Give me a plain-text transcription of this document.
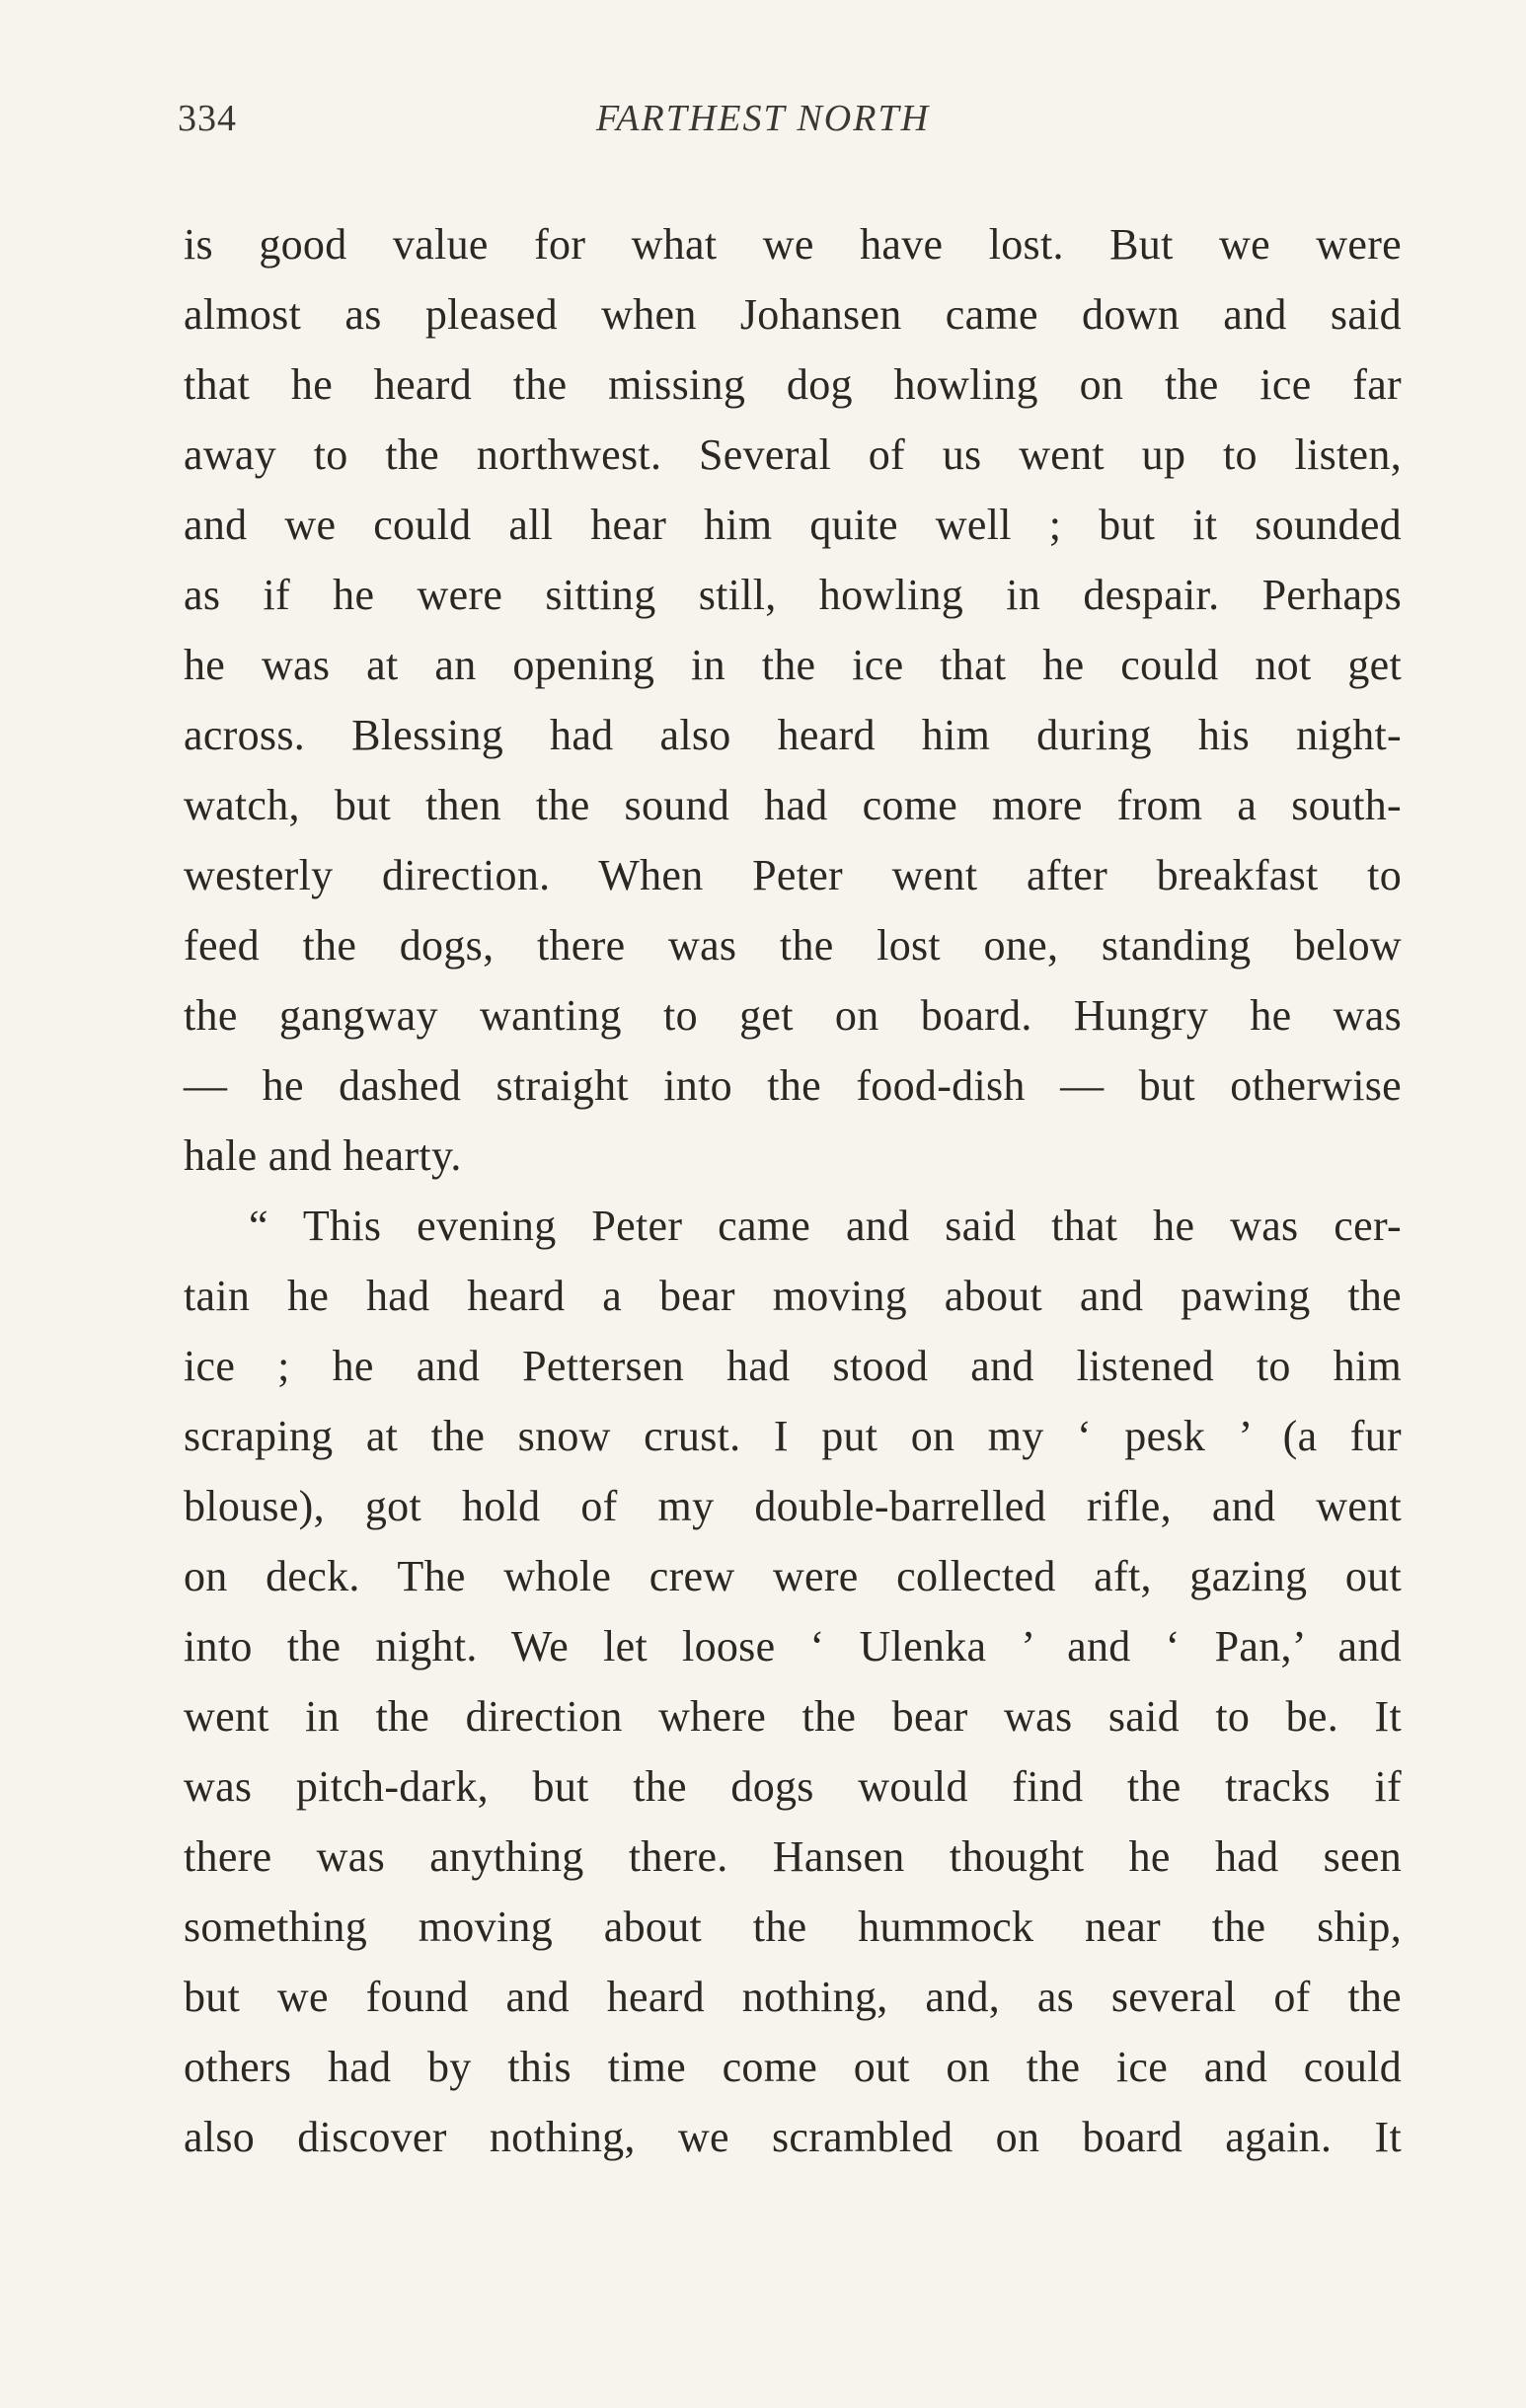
334	FARTHEST NORTH
is good value for what we have lost. But we were
almost as pleased when Johansen came down and said
that he heard the missing dog howling on the ice far
away to the northwest. Several of us went up to listen,
and we could all hear him quite well ; but it sounded
as if he were sitting still, howling in despair. Perhaps
he was at an opening in the ice that he could not get
across. Blessing had also heard him during his night-
watch, but then the sound had come more from a south-
westerly direction. When Peter went after breakfast to
feed the dogs, there was the lost one, standing below
the gangway wanting to get on board. Hungry he was
— he dashed straight into the food-dish — but otherwise
hale and hearty.
“ This evening Peter came and said that he was cer-
tain he had heard a bear moving about and pawing the
ice ; he and Pettersen had stood and listened to him
scraping at the snow crust. I put on my ‘ pesk ’ (a fur
blouse), got hold of my double-barrelled rifle, and went
on deck. The whole crew were collected aft, gazing out
into the night. We let loose ‘ Ulenka ’ and ‘ Pan,’ and
went in the direction where the bear was said to be. It
was pitch-dark, but the dogs would find the tracks if
there was anything there. Hansen thought he had seen
something moving about the hummock near the ship,
but we found and heard nothing, and, as several of the
others had by this time come out on the ice and could
also discover nothing, we scrambled on board again. It
